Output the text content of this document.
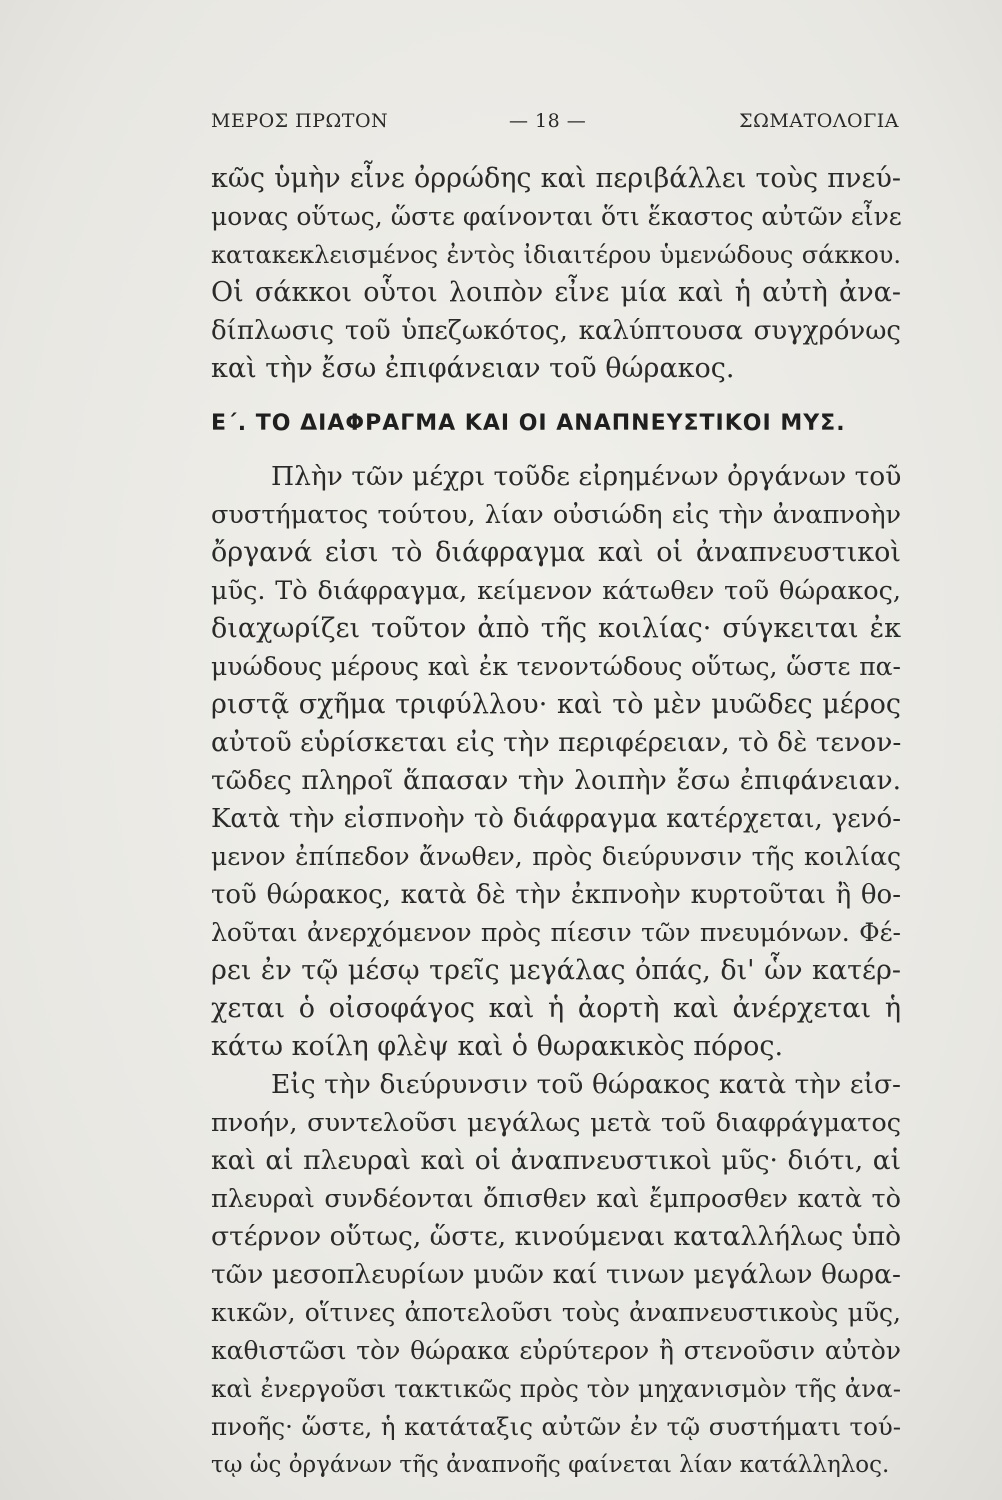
ΜΕΡΟΣ ΠΡΩΤΟΝ	— 18 —	ΣΩΜΑΤΟΛΟΓΙΑ
κῶς ὑμὴν εἶνε ὀρρώδης καὶ περιβάλλει τοὺς πνεύ-
μονας οὕτως, ὥστε φαίνονται ὅτι ἕκαστος αὐτῶν εἶνε
κατακεκλεισμένος ἐντὸς ἰδιαιτέρου ὑμενώδους σάκκου.
Οἱ σάκκοι οὗτοι λοιπὸν εἶνε μία καὶ ἡ αὐτὴ ἀνα-
δίπλωσις τοῦ ὑπεζωκότος, καλύπτουσα συγχρόνως
καὶ τὴν ἔσω ἐπιφάνειαν τοῦ θώρακος.
Ε΄. ΤΟ ΔΙΑΦΡΑΓΜΑ ΚΑΙ ΟΙ ΑΝΑΠΝΕΥΣΤΙΚΟΙ ΜΥΣ.
Πλὴν τῶν μέχρι τοῦδε εἰρημένων ὀργάνων τοῦ
συστήματος τούτου, λίαν οὐσιώδη εἰς τὴν ἀναπνοὴν
ὄργανά εἰσι τὸ διάφραγμα καὶ οἱ ἀναπνευστικοὶ
μῦς. Τὸ διάφραγμα, κείμενον κάτωθεν τοῦ θώρακος,
διαχωρίζει τοῦτον ἀπὸ τῆς κοιλίας· σύγκειται ἐκ
μυώδους μέρους καὶ ἐκ τενοντώδους οὕτως, ὥστε πα-
ριστᾷ σχῆμα τριφύλλου· καὶ τὸ μὲν μυῶδες μέρος
αὐτοῦ εὑρίσκεται εἰς τὴν περιφέρειαν, τὸ δὲ τενον-
τῶδες πληροῖ ἅπασαν τὴν λοιπὴν ἔσω ἐπιφάνειαν.
Κατὰ τὴν εἰσπνοὴν τὸ διάφραγμα κατέρχεται, γενό-
μενον ἐπίπεδον ἄνωθεν, πρὸς διεύρυνσιν τῆς κοιλίας
τοῦ θώρακος, κατὰ δὲ τὴν ἐκπνοὴν κυρτοῦται ἢ θο-
λοῦται ἀνερχόμενον πρὸς πίεσιν τῶν πνευμόνων. Φέ-
ρει ἐν τῷ μέσῳ τρεῖς μεγάλας ὀπάς, δι' ὧν κατέρ-
χεται ὁ οἰσοφάγος καὶ ἡ ἀορτὴ καὶ ἀνέρχεται ἡ
κάτω κοίλη φλὲψ καὶ ὁ θωρακικὸς πόρος.
Εἰς τὴν διεύρυνσιν τοῦ θώρακος κατὰ τὴν εἰσ-
πνοήν, συντελοῦσι μεγάλως μετὰ τοῦ διαφράγματος
καὶ αἱ πλευραὶ καὶ οἱ ἀναπνευστικοὶ μῦς· διότι, αἱ
πλευραὶ συνδέονται ὄπισθεν καὶ ἔμπροσθεν κατὰ τὸ
στέρνον οὕτως, ὥστε, κινούμεναι καταλλήλως ὑπὸ
τῶν μεσοπλευρίων μυῶν καί τινων μεγάλων θωρα-
κικῶν, οἵτινες ἀποτελοῦσι τοὺς ἀναπνευστικοὺς μῦς,
καθιστῶσι τὸν θώρακα εὐρύτερον ἢ στενοῦσιν αὐτὸν
καὶ ἐνεργοῦσι τακτικῶς πρὸς τὸν μηχανισμὸν τῆς ἀνα-
πνοῆς· ὥστε, ἡ κατάταξις αὐτῶν ἐν τῷ συστήματι τού-
τῳ ὡς ὀργάνων τῆς ἀναπνοῆς φαίνεται λίαν κατάλληλος.
